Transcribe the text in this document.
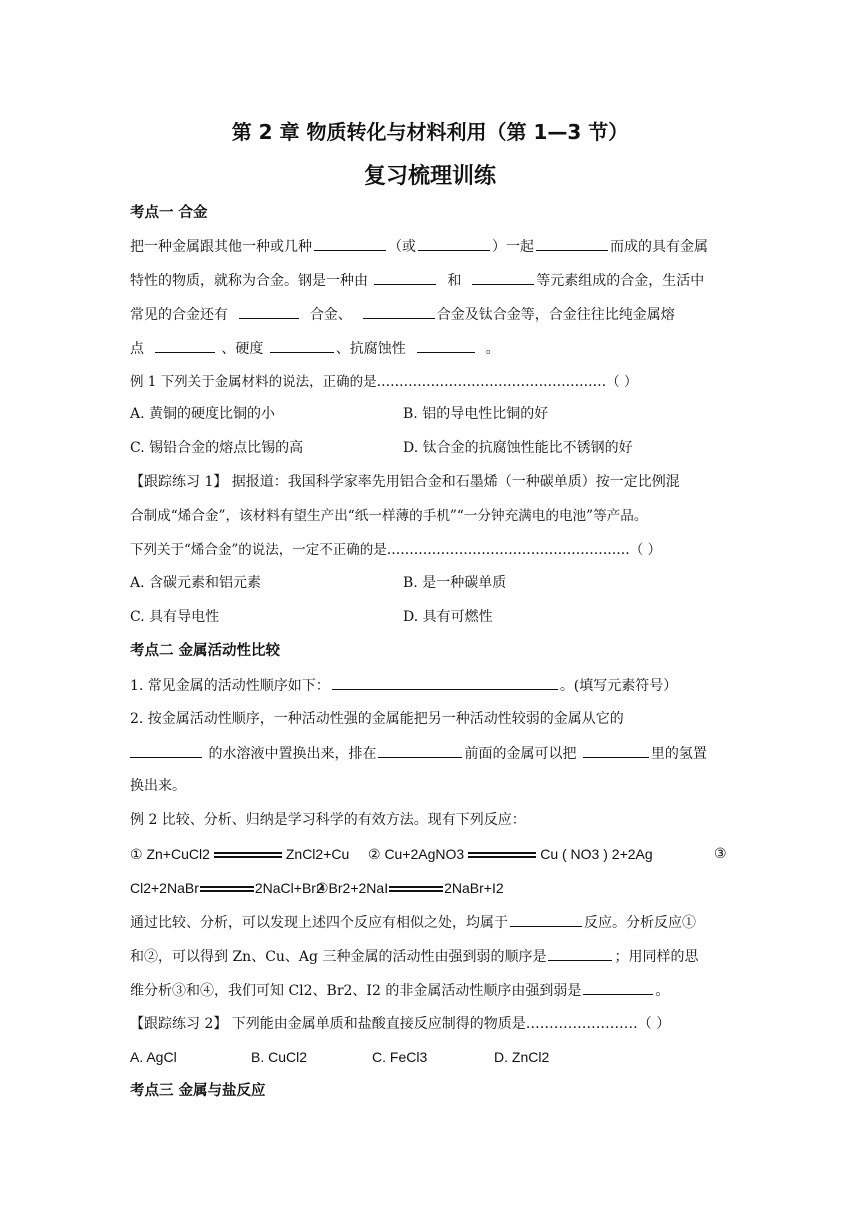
第 2 章 物质转化与材料利用（第 1—3 节）
复习梳理训练
考点一 合金
把一种金属跟其他一种或几种	（或	）一起	而成的具有金属
特性的物质，就称为合金。钢是一种由	和	等元素组成的合金，生活中
常见的合金还有	合金、	合金及钛合金等，合金往往比纯金属熔
点	、硬度	、抗腐蚀性	。
例 1 下列关于金属材料的说法，正确的是……………………………………………（ ）
A. 黄铜的硬度比铜的小	B. 铝的导电性比铜的好
C. 锡铅合金的熔点比锡的高	D. 钛合金的抗腐蚀性能比不锈钢的好
【跟踪练习 1】 据报道：我国科学家率先用铝合金和石墨烯（一种碳单质）按一定比例混
合制成“烯合金”，该材料有望生产出“纸一样薄的手机”“一分钟充满电的电池”等产品。
下列关于“烯合金”的说法，一定不正确的是………………………………………………（ ）
A. 含碳元素和铝元素	B. 是一种碳单质
C. 具有导电性	D. 具有可燃性
考点二 金属活动性比较
1. 常见金属的活动性顺序如下：	。(填写元素符号）
2. 按金属活动性顺序，一种活动性强的金属能把另一种活动性较弱的金属从它的
的水溶液中置换出来，排在	前面的金属可以把	里的氢置
换出来。
例 2 比较、分析、归纳是学习科学的有效方法。现有下列反应：
① Zn+CuCl2	ZnCl2+Cu ② Cu+2AgNO3	Cu ( NO3 ) 2+2Ag	③
Cl2+2NaBr	2NaCl+Br2
④Br2+2NaI	2NaBr+I2
通过比较、分析，可以发现上述四个反应有相似之处，均属于	反应。分析反应①
和②，可以得到 Zn、Cu、Ag 三种金属的活动性由强到弱的顺序是	；用同样的思
维分析③和④，我们可知 Cl2、Br2、I2 的非金属活动性顺序由强到弱是	。
【跟踪练习 2】 下列能由金属单质和盐酸直接反应制得的物质是……………………（ ）
A. AgCl	B. CuCl2	C. FeCl3	D. ZnCl2
考点三 金属与盐反应
